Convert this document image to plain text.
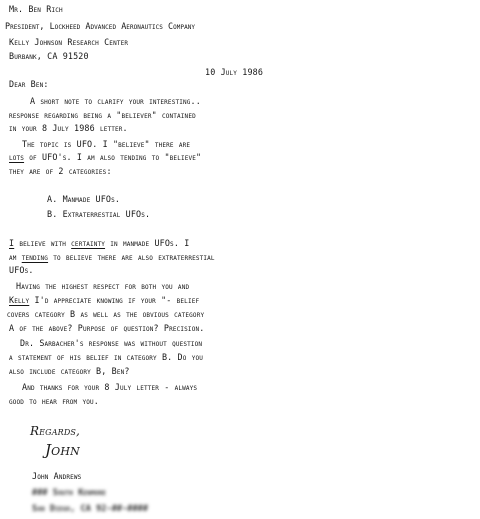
Mr. Ben Rich
President, Lockheed Advanced Aeronautics Company
Kelly Johnson Research Center
Burbank, CA 91520
10 July 1986
Dear Ben:
A short note to clarify your interesting..
response regarding being a "believer" contained
in your 8 July 1986 letter.
The topic is UFO. I "believe" there are
lots of UFO's. I am also tending to "believe"
they are of 2 categories:
A. Manmade UFOs.
B. Extraterrestial UFOs.
I believe with certainty in manmade UFOs. I
am tending to believe there are also extraterrestial
UFOs.
Having the highest respect for both you and
Kelly I'd appreciate knowing if your "- belief
covers category B as well as the obvious category
A of the above? Purpose of question? Precision.
Dr. Sarbacher's response was without question
a statement of his belief in category B. Do you
also include category B, Ben?
And thanks for your 8 July letter - always
good to hear from you.
Regards,
John
John Andrews
### South Kenmore
San Diego, CA 92-##-####
